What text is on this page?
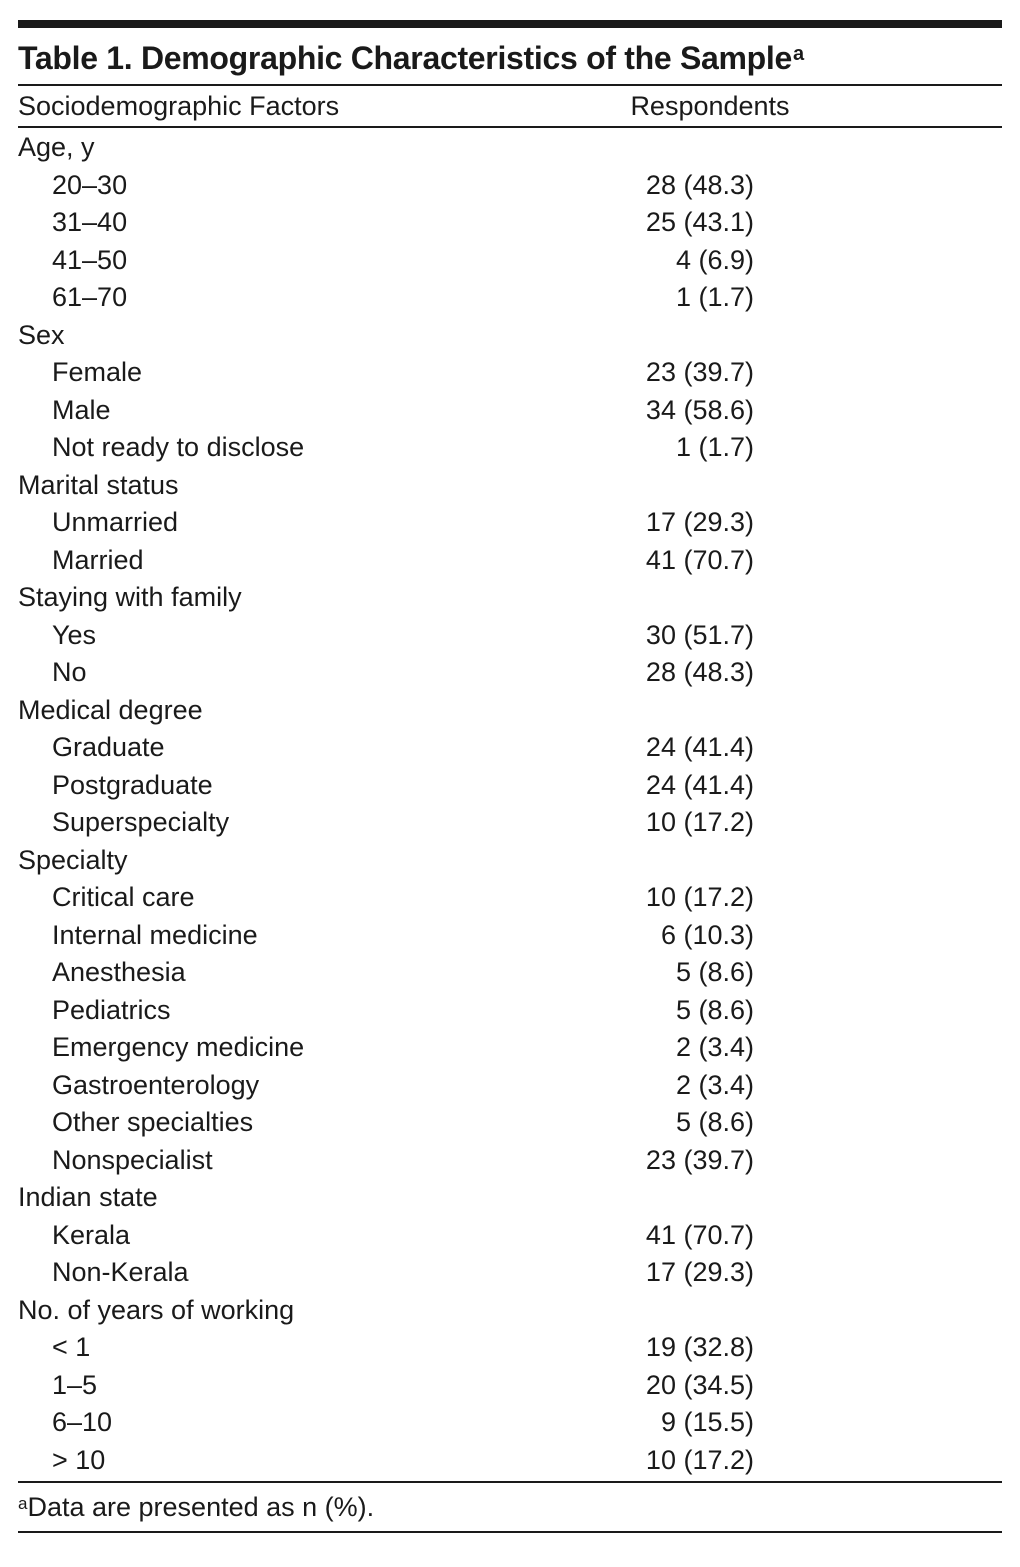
Table 1. Demographic Characteristics of the Sample$^a$
Sociodemographic Factors	Respondents
Age, y
20–30	28 (48.3)
31–40	25 (43.1)
41–50	4 (6.9)
61–70	1 (1.7)
Sex
Female	23 (39.7)
Male	34 (58.6)
Not ready to disclose	1 (1.7)
Marital status
Unmarried	17 (29.3)
Married	41 (70.7)
Staying with family
Yes	30 (51.7)
No	28 (48.3)
Medical degree
Graduate	24 (41.4)
Postgraduate	24 (41.4)
Superspecialty	10 (17.2)
Specialty
Critical care	10 (17.2)
Internal medicine	6 (10.3)
Anesthesia	5 (8.6)
Pediatrics	5 (8.6)
Emergency medicine	2 (3.4)
Gastroenterology	2 (3.4)
Other specialties	5 (8.6)
Nonspecialist	23 (39.7)
Indian state
Kerala	41 (70.7)
Non-Kerala	17 (29.3)
No. of years of working
< 1	19 (32.8)
1–5	20 (34.5)
6–10	9 (15.5)
> 10	10 (17.2)
$^a$ Data are presented as n (%).
